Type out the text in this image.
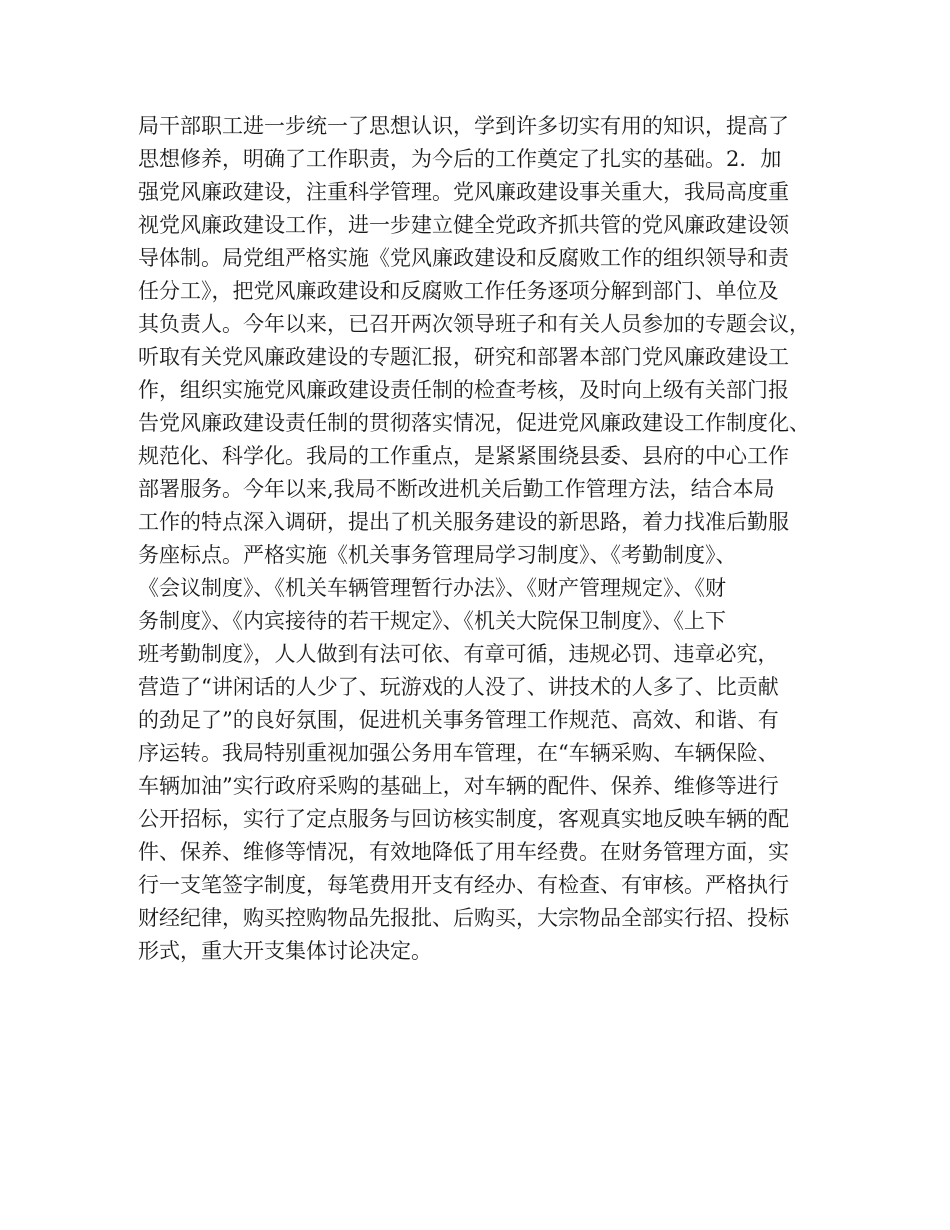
局干部职工进一步统一了思想认识，学到许多切实有用的知识，提高了
思想修养，明确了工作职责，为今后的工作奠定了扎实的基础。2．加
强党风廉政建设，注重科学管理。党风廉政建设事关重大，我局高度重
视党风廉政建设工作，进一步建立健全党政齐抓共管的党风廉政建设领
导体制。局党组严格实施《党风廉政建设和反腐败工作的组织领导和责
任分工》，把党风廉政建设和反腐败工作任务逐项分解到部门、单位及
其负责人。今年以来，已召开两次领导班子和有关人员参加的专题会议，
听取有关党风廉政建设的专题汇报，研究和部署本部门党风廉政建设工
作，组织实施党风廉政建设责任制的检查考核，及时向上级有关部门报
告党风廉政建设责任制的贯彻落实情况，促进党风廉政建设工作制度化、
规范化、科学化。我局的工作重点，是紧紧围绕县委、县府的中心工作
部署服务。今年以来,我局不断改进机关后勤工作管理方法，结合本局
工作的特点深入调研，提出了机关服务建设的新思路，着力找准后勤服
务座标点。严格实施《机关事务管理局学习制度》、《考勤制度》、
《会议制度》、《机关车辆管理暂行办法》、《财产管理规定》、《财
务制度》、《内宾接待的若干规定》、《机关大院保卫制度》、《上下
班考勤制度》，人人做到有法可依、有章可循，违规必罚、违章必究，
营造了“讲闲话的人少了、玩游戏的人没了、讲技术的人多了、比贡献
的劲足了”的良好氛围，促进机关事务管理工作规范、高效、和谐、有
序运转。我局特别重视加强公务用车管理，在“车辆采购、车辆保险、
车辆加油”实行政府采购的基础上，对车辆的配件、保养、维修等进行
公开招标，实行了定点服务与回访核实制度，客观真实地反映车辆的配
件、保养、维修等情况，有效地降低了用车经费。在财务管理方面，实
行一支笔签字制度，每笔费用开支有经办、有检查、有审核。严格执行
财经纪律，购买控购物品先报批、后购买，大宗物品全部实行招、投标
形式，重大开支集体讨论决定。
